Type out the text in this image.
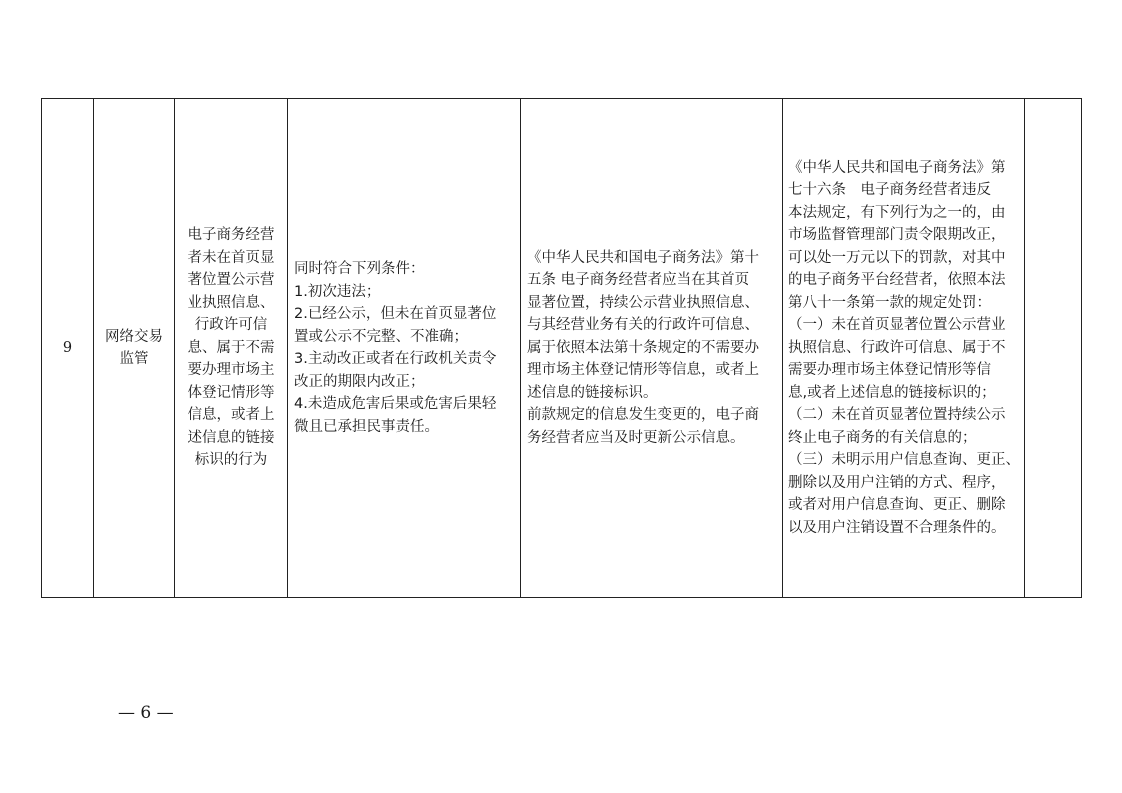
9	
网络交易
监管

电子商务经营
者未在首页显
著位置公示营
业执照信息、
行政许可信
息、属于不需
要办理市场主
体登记情形等
信息，或者上
述信息的链接
标识的行为

同时符合下列条件：
1.初次违法；
2.已经公示，但未在首页显著位
置或公示不完整、不准确；
3.主动改正或者在行政机关责令
改正的期限内改正；
4.未造成危害后果或危害后果轻
微且已承担民事责任。

《中华人民共和国电子商务法》第十
五条 电子商务经营者应当在其首页
显著位置，持续公示营业执照信息、
与其经营业务有关的行政许可信息、
属于依照本法第十条规定的不需要办
理市场主体登记情形等信息，或者上
述信息的链接标识。
前款规定的信息发生变更的，电子商
务经营者应当及时更新公示信息。

《中华人民共和国电子商务法》第
七十六条　电子商务经营者违反
本法规定，有下列行为之一的，由
市场监督管理部门责令限期改正，
可以处一万元以下的罚款，对其中
的电子商务平台经营者，依照本法
第八十一条第一款的规定处罚：
（一）未在首页显著位置公示营业
执照信息、行政许可信息、属于不
需要办理市场主体登记情形等信
息,或者上述信息的链接标识的；
（二）未在首页显著位置持续公示
终止电子商务的有关信息的；
（三）未明示用户信息查询、更正、
删除以及用户注销的方式、程序，
或者对用户信息查询、更正、删除
以及用户注销设置不合理条件的。

— 6 —
